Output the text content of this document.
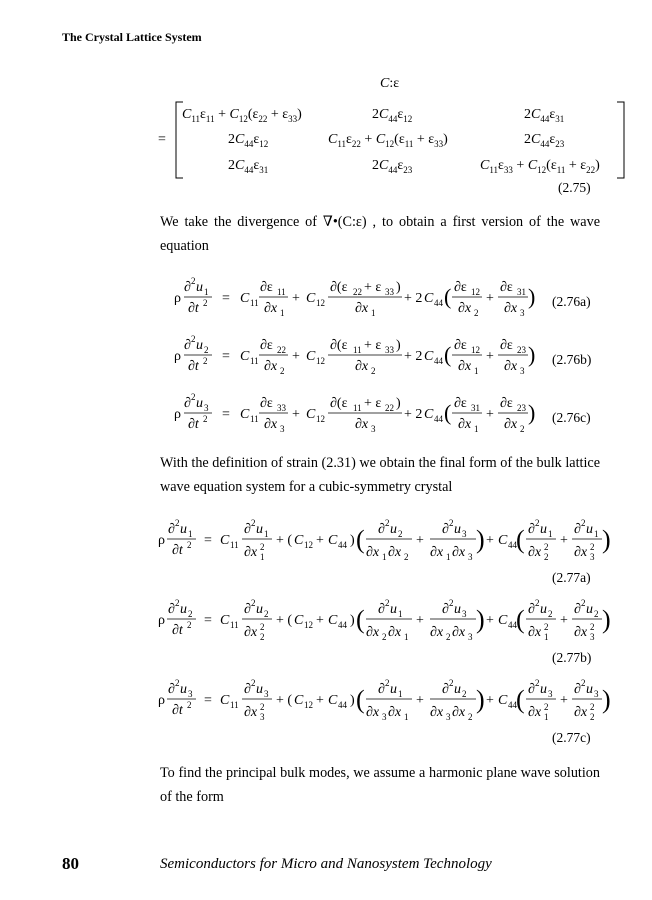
The Crystal Lattice System
C:ε
=
$C_{11}\varepsilon_{11} + C_{12}(\varepsilon_{22} + \varepsilon_{33})$	$2C_{44}\varepsilon_{12}$	$2C_{44}\varepsilon_{31}$
$2C_{44}\varepsilon_{12}$	$C_{11}\varepsilon_{22} + C_{12}(\varepsilon_{11} + \varepsilon_{33})$	$2C_{44}\varepsilon_{23}$
$2C_{44}\varepsilon_{31}$	$2C_{44}\varepsilon_{23}$	$C_{11}\varepsilon_{33} + C_{12}(\varepsilon_{11} + \varepsilon_{22})$
(2.75)
We take the divergence of ∇•(C:ε) , to obtain a first version of the wave equation
ρ
∂ 2 u 1
∂t 2 = C 11
∂ε 11
∂x 1
+ C 12
∂(ε 22 + ε 33 )
∂x 1
+ 2 C 44 ( ∂ε 12
∂x 2
+
∂ε 31
∂x 3
)
ρ
∂ 2 u 2
∂t 2 = C 11
∂ε 22
∂x 2
+ C 12
∂(ε 11 + ε 33 )
∂x 2
+ 2 C 44 ( ∂ε 12
∂x 1
+
∂ε 23
∂x 3
)
ρ
∂ 2 u 3
∂t 2 = C 11
∂ε 33
∂x 3
+ C 12
∂(ε 11 + ε 22 )
∂x 3
+ 2 C 44 ( ∂ε 31
∂x 1
+
∂ε 23
∂x 2
)
(2.76a)
(2.76b)
(2.76c)
With the definition of strain (2.31) we obtain the final form of the bulk lattice wave equation system for a cubic-symmetry crystal
ρ
∂ 2 u 1
∂t 2 = C 11
∂ 2 u 1
∂x 2
1
+ ( C 12 + C 44 ) ( ∂ 2 u 2
∂x 1 ∂x 2
+
∂ 2 u 3
∂x 1 ∂x 3
) + C 44 ( ∂ 2 u 1
∂x 2
2
+
∂ 2 u 1
∂x 2
3
)
ρ
∂ 2 u 2
∂t 2 = C 11
∂ 2 u 2
∂x 2
2
+ ( C 12 + C 44 ) ( ∂ 2 u 1
∂x 2 ∂x 1
+
∂ 2 u 3
∂x 2 ∂x 3
) + C 44 ( ∂ 2 u 2
∂x 2
1
+
∂ 2 u 2
∂x 2
3
)
ρ
∂ 2 u 3
∂t 2 = C 11
∂ 2 u 3
∂x 2
3
+ ( C 12 + C 44 ) ( ∂ 2 u 1
∂x 3 ∂x 1
+
∂ 2 u 2
∂x 3 ∂x 2
) + C 44 ( ∂ 2 u 3
∂x 2
1
+
∂ 2 u 3
∂x 2
2
)
(2.77a)
(2.77b)
(2.77c)
To find the principal bulk modes, we assume a harmonic plane wave solution of the form
80	Semiconductors for Micro and Nanosystem Technology
